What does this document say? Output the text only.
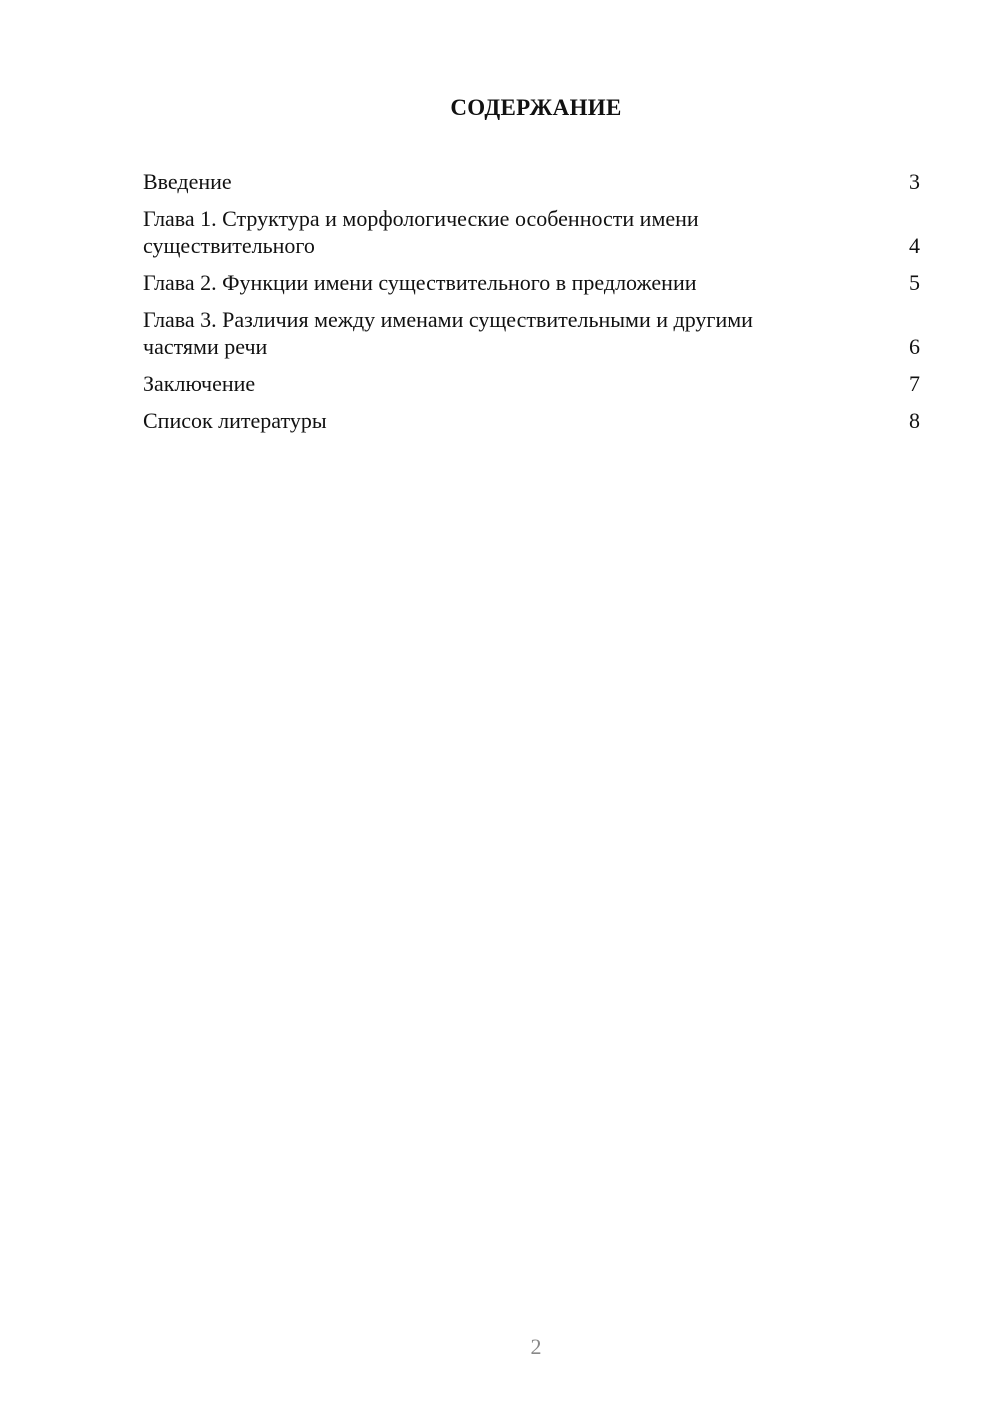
СОДЕРЖАНИЕ
Введение	3
Глава 1. Структура и морфологические особенности имени существительного	4
Глава 2. Функции имени существительного в предложении	5
Глава 3. Различия между именами существительными и другими частями речи	6
Заключение	7
Список литературы	8
2
